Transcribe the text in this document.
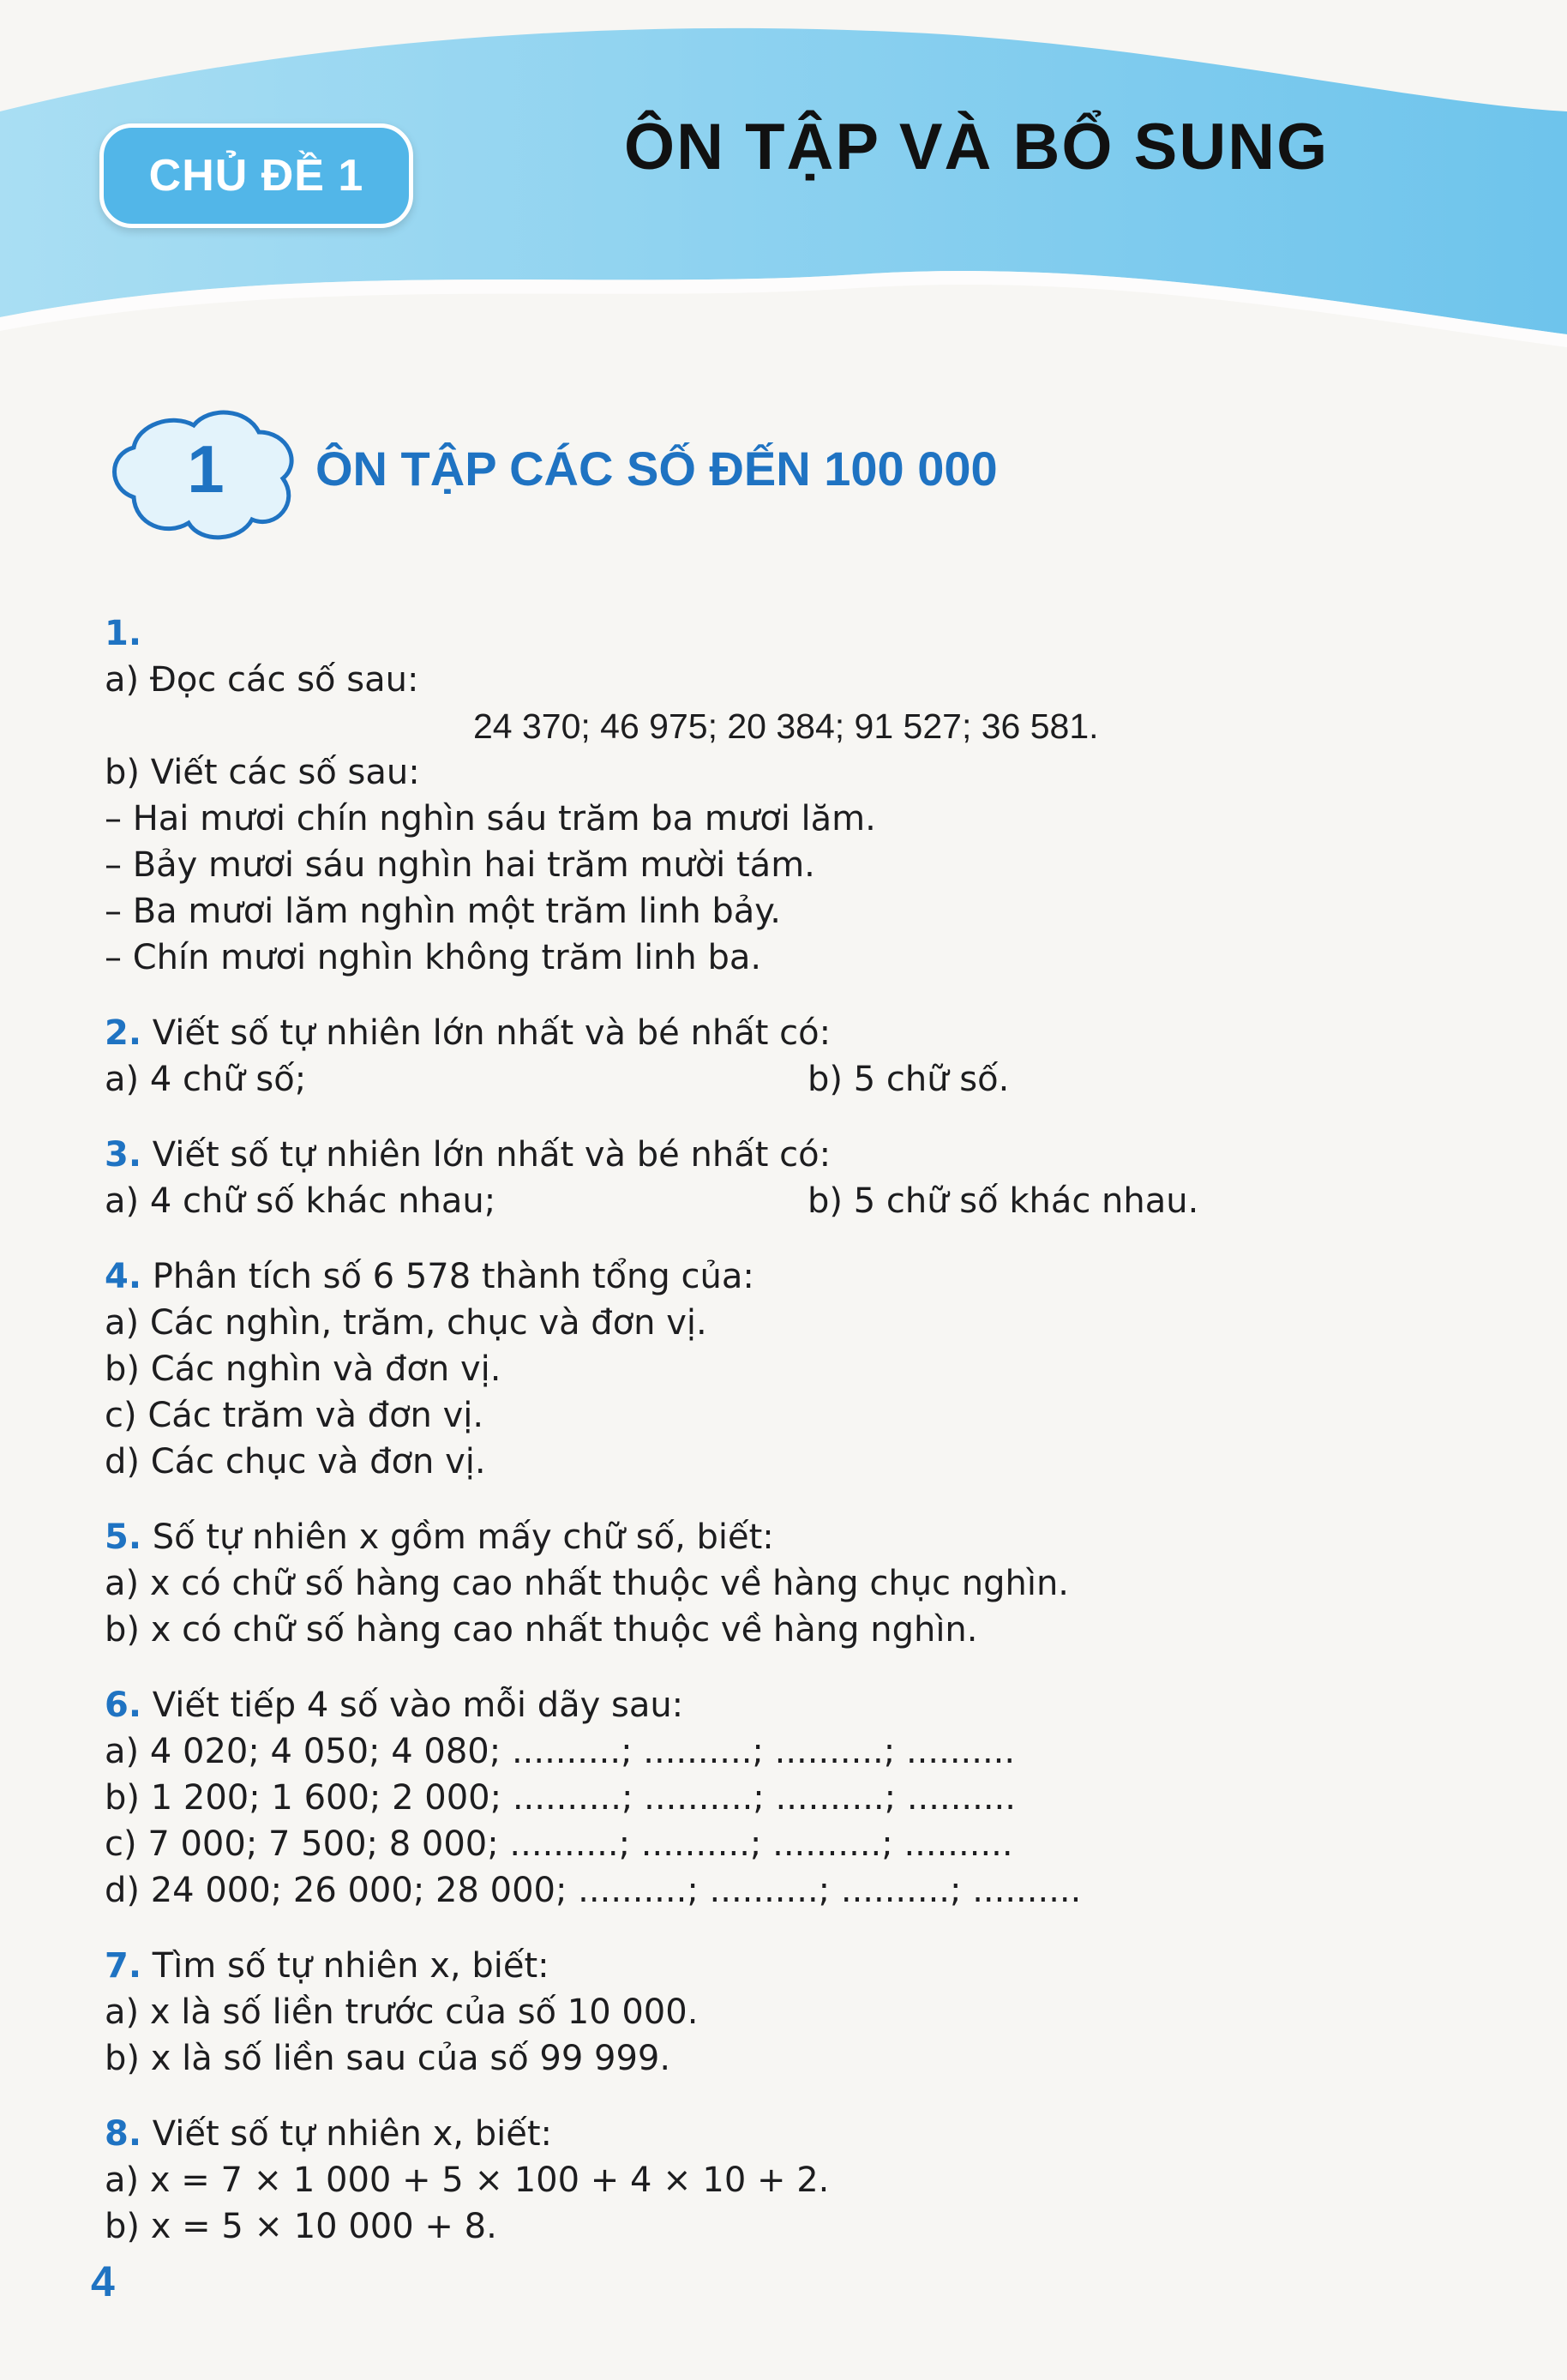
CHỦ ĐỀ 1	ÔN TẬP VÀ BỔ SUNG
1	ÔN TẬP CÁC SỐ ĐẾN 100 000
1.
a) Đọc các số sau:
24 370; 46 975; 20 384; 91 527; 36 581.
b) Viết các số sau:
– Hai mươi chín nghìn sáu trăm ba mươi lăm.
– Bảy mươi sáu nghìn hai trăm mười tám.
– Ba mươi lăm nghìn một trăm linh bảy.
– Chín mươi nghìn không trăm linh ba.
2. Viết số tự nhiên lớn nhất và bé nhất có:
a) 4 chữ số;	b) 5 chữ số.
3. Viết số tự nhiên lớn nhất và bé nhất có:
a) 4 chữ số khác nhau;	b) 5 chữ số khác nhau.
4. Phân tích số 6 578 thành tổng của:
a) Các nghìn, trăm, chục và đơn vị.
b) Các nghìn và đơn vị.
c) Các trăm và đơn vị.
d) Các chục và đơn vị.
5. Số tự nhiên x gồm mấy chữ số, biết:
a) x có chữ số hàng cao nhất thuộc về hàng chục nghìn.
b) x có chữ số hàng cao nhất thuộc về hàng nghìn.
6. Viết tiếp 4 số vào mỗi dãy sau:
a) 4 020; 4 050; 4 080; ..........; ..........; ..........; ..........
b) 1 200; 1 600; 2 000; ..........; ..........; ..........; ..........
c) 7 000; 7 500; 8 000; ..........; ..........; ..........; ..........
d) 24 000; 26 000; 28 000; ..........; ..........; ..........; ..........
7. Tìm số tự nhiên x, biết:
a) x là số liền trước của số 10 000.
b) x là số liền sau của số 99 999.
8. Viết số tự nhiên x, biết:
a) x = 7 × 1 000 + 5 × 100 + 4 × 10 + 2.
b) x = 5 × 10 000 + 8.
4
